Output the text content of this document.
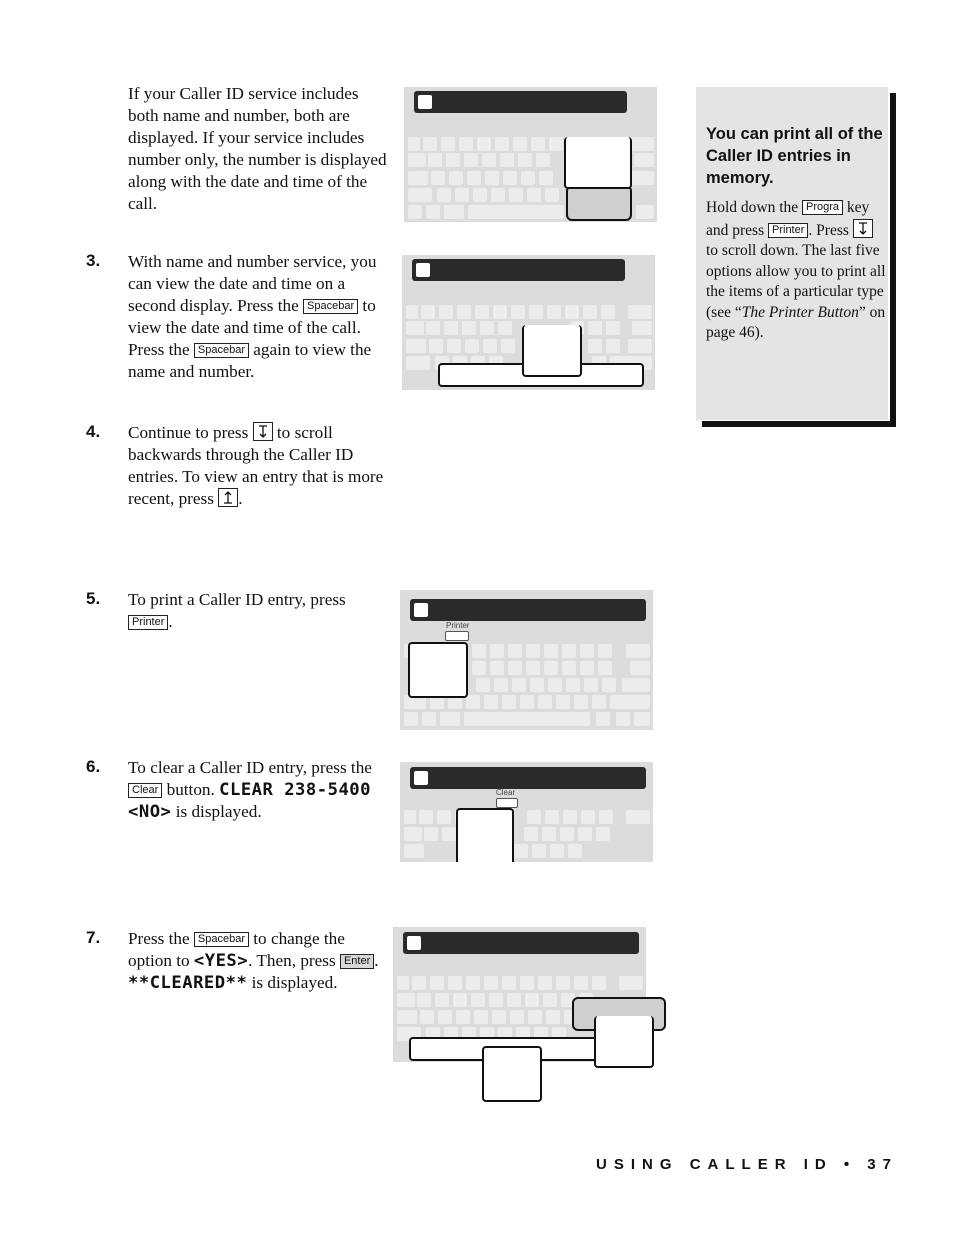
If your Caller ID service includes both name and number, both are displayed. If your service includes number only, the number is displayed along with the date and time of the call.
3. With name and number service, you can view the date and time on a second display. Press the Spacebar to view the date and time of the call. Press the Spacebar again to view the name and number.
4. Continue to press to scroll backwards through the Caller ID entries. To view an entry that is more recent, press .
5. To print a Caller ID entry, press Printer .
6. To clear a Caller ID entry, press the Clear button. CLEAR 238-5400 <NO> is displayed.
7. Press the Spacebar to change the option to <YES>. Then, press Enter . **CLEARED** is displayed.
Printer
Clear
You can print all of the Caller ID entries in memory.
Hold down the Progra key and press Printer . Press
to scroll down. The last five options allow you to print all the items of a particular type (see “The Printer Button” on page 46).
USING CALLER ID • 37
